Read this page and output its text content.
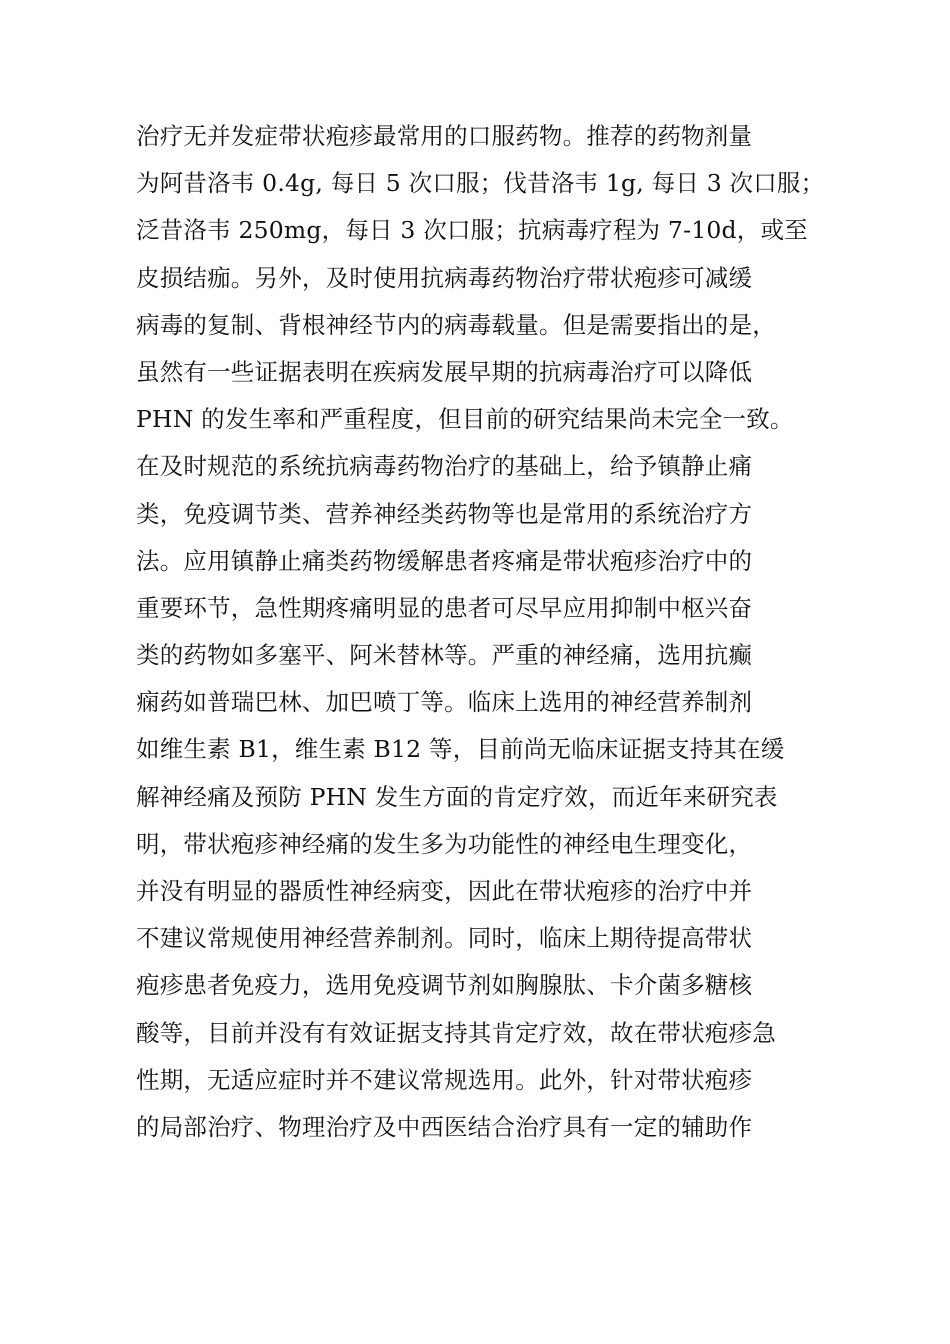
治疗无并发症带状疱疹最常用的口服药物。推荐的药物剂量
为阿昔洛韦 0.4g, 每日 5 次口服；伐昔洛韦 1g, 每日 3 次口服；
泛昔洛韦 250mg，每日 3 次口服；抗病毒疗程为 7-10d，或至
皮损结痂。另外，及时使用抗病毒药物治疗带状疱疹可减缓
病毒的复制、背根神经节内的病毒载量。但是需要指出的是，
虽然有一些证据表明在疾病发展早期的抗病毒治疗可以降低
PHN 的发生率和严重程度，但目前的研究结果尚未完全一致。
在及时规范的系统抗病毒药物治疗的基础上，给予镇静止痛
类，免疫调节类、营养神经类药物等也是常用的系统治疗方
法。应用镇静止痛类药物缓解患者疼痛是带状疱疹治疗中的
重要环节，急性期疼痛明显的患者可尽早应用抑制中枢兴奋
类的药物如多塞平、阿米替林等。严重的神经痛，选用抗癫
痫药如普瑞巴林、加巴喷丁等。临床上选用的神经营养制剂
如维生素 B1，维生素 B12 等，目前尚无临床证据支持其在缓
解神经痛及预防 PHN 发生方面的肯定疗效，而近年来研究表
明，带状疱疹神经痛的发生多为功能性的神经电生理变化，
并没有明显的器质性神经病变，因此在带状疱疹的治疗中并
不建议常规使用神经营养制剂。同时，临床上期待提高带状
疱疹患者免疫力，选用免疫调节剂如胸腺肽、卡介菌多糖核
酸等，目前并没有有效证据支持其肯定疗效，故在带状疱疹急
性期，无适应症时并不建议常规选用。此外，针对带状疱疹
的局部治疗、物理治疗及中西医结合治疗具有一定的辅助作
